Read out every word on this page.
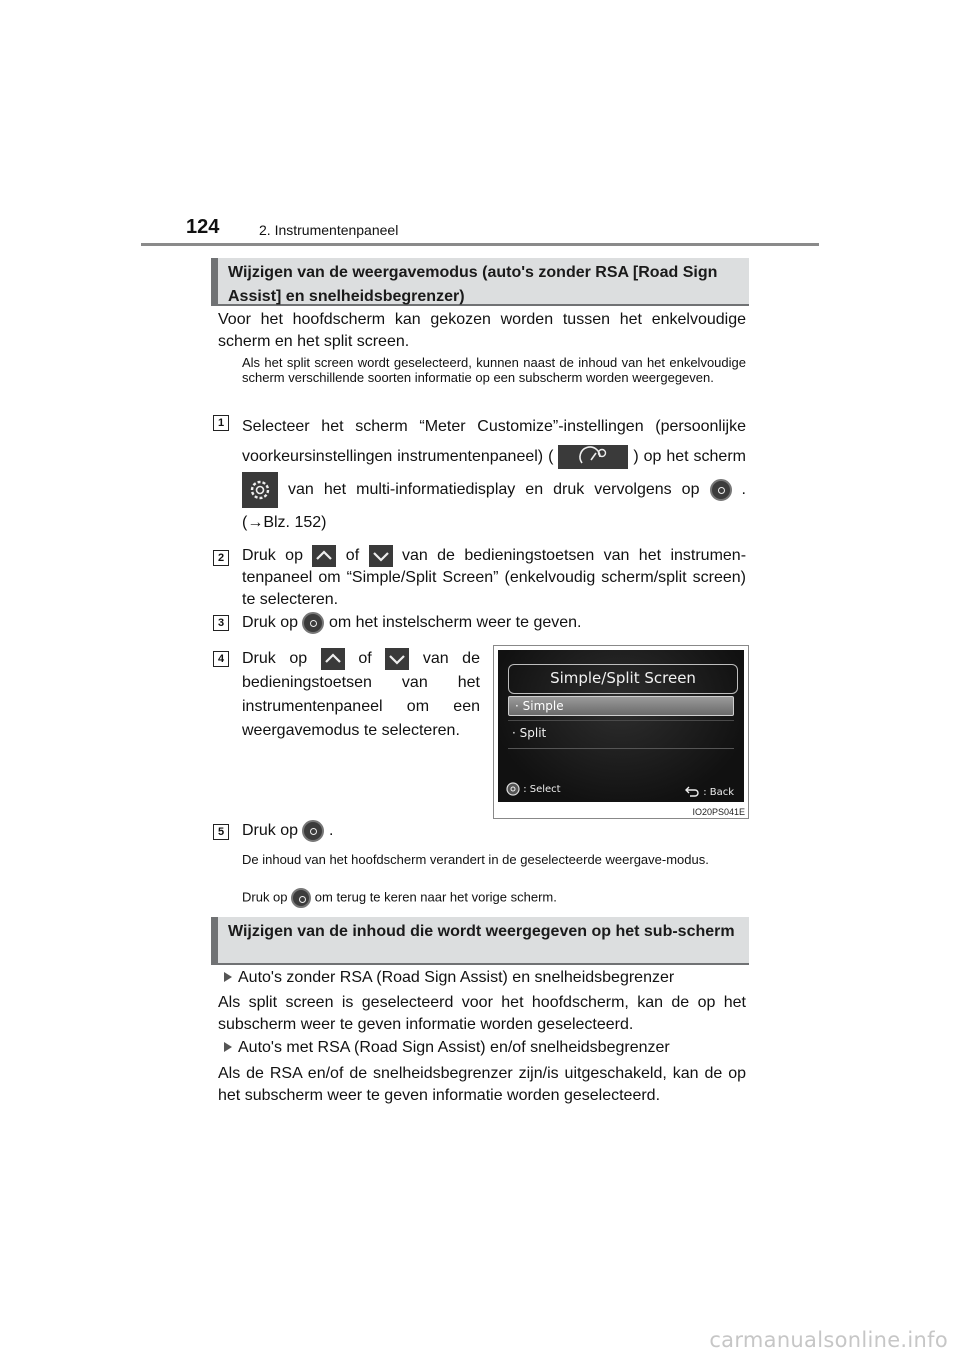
124	2. Instrumentenpaneel
Wijzigen van de weergavemodus (auto's zonder RSA [Road Sign Assist] en snelheidsbegrenzer)
Voor het hoofdscherm kan gekozen worden tussen het enkelvoudige scherm en het split screen.
Als het split screen wordt geselecteerd, kunnen naast de inhoud van het enkelvoudige scherm verschillende soorten informatie op een subscherm worden weergegeven.
1	Selecteer het scherm “Meter Customize”-instellingen (persoonlijke voorkeursinstellingen instrumentenpaneel) (	) op het scherm  van het multi-informatiedisplay en druk vervolgens op	. (→Blz. 152)
2	Druk op	of	van de bedieningstoetsen van het instrumen-tenpaneel om “Simple/Split Screen” (enkelvoudig scherm/split screen) te selecteren.
3	Druk op om het instelscherm weer te geven.
4	Druk op	of	van de bedieningstoetsen van het instrumentenpaneel om een weergavemodus te selecteren.
Simple/Split Screen
· Simple
· Split
: Select	: Back
IO20PS041E
5	Druk op .
De inhoud van het hoofdscherm verandert in de geselecteerde weergave-modus.
Druk op om terug te keren naar het vorige scherm.
Wijzigen van de inhoud die wordt weergegeven op het sub-scherm
Auto's zonder RSA (Road Sign Assist) en snelheidsbegrenzer
Als split screen is geselecteerd voor het hoofdscherm, kan de op het subscherm weer te geven informatie worden geselecteerd.
Auto's met RSA (Road Sign Assist) en/of snelheidsbegrenzer
Als de RSA en/of de snelheidsbegrenzer zijn/is uitgeschakeld, kan de op het subscherm weer te geven informatie worden geselecteerd.
carmanualsonline.info
